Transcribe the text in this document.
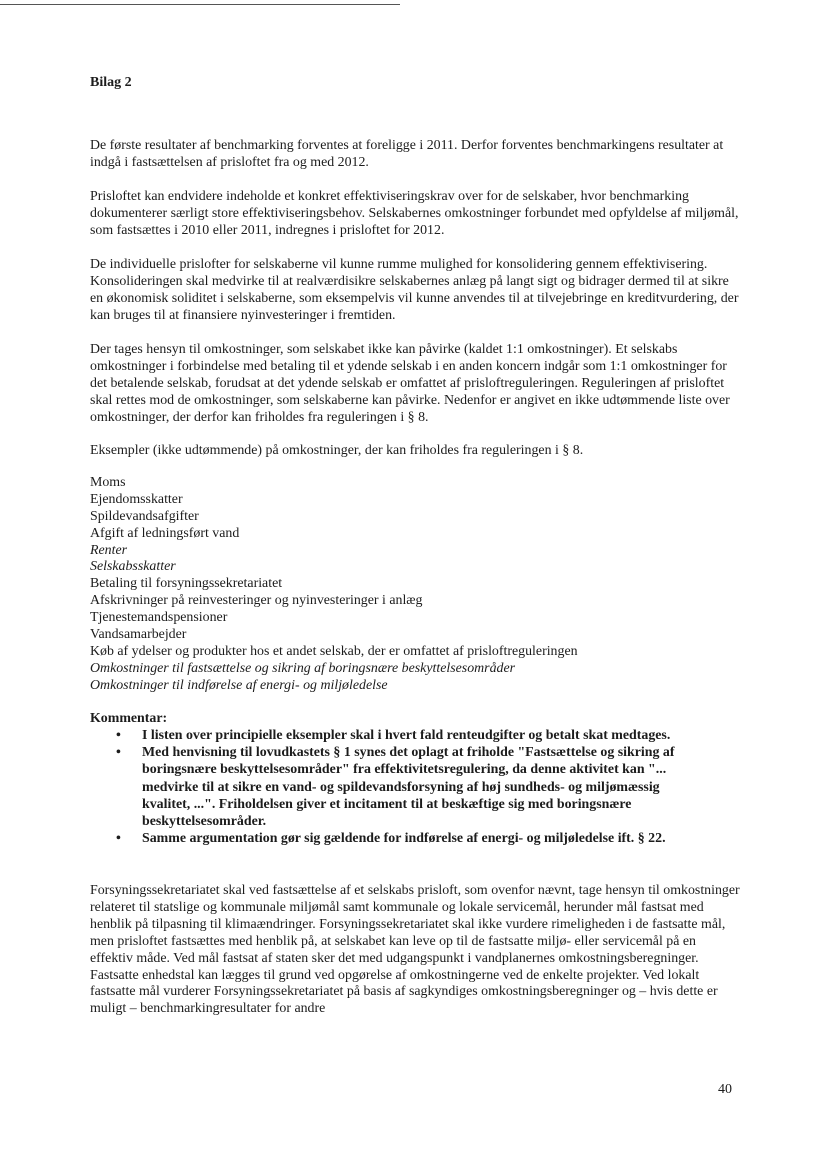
Bilag 2

De første resultater af benchmarking forventes at foreligge i 2011. Derfor forventes benchmarkingens resultater at indgå i fastsættelsen af prisloftet fra og med 2012.

Prisloftet kan endvidere indeholde et konkret effektiviseringskrav over for de selskaber, hvor benchmarking dokumenterer særligt store effektiviseringsbehov. Selskabernes omkostninger forbundet med opfyldelse af miljømål, som fastsættes i 2010 eller 2011, indregnes i prisloftet for 2012.

De individuelle prislofter for selskaberne vil kunne rumme mulighed for konsolidering gennem effektivisering. Konsolideringen skal medvirke til at realværdisikre selskabernes anlæg på langt sigt og bidrager dermed til at sikre en økonomisk soliditet i selskaberne, som eksempelvis vil kunne anvendes til at tilvejebringe en kreditvurdering, der kan bruges til at finansiere nyinvesteringer i fremtiden.

Der tages hensyn til omkostninger, som selskabet ikke kan påvirke (kaldet 1:1 omkostninger). Et selskabs omkostninger i forbindelse med betaling til et ydende selskab i en anden koncern indgår som 1:1 omkostninger for det betalende selskab, forudsat at det ydende selskab er omfattet af prisloftreguleringen. Reguleringen af prisloftet skal rettes mod de omkostninger, som selskaberne kan påvirke. Nedenfor er angivet en ikke udtømmende liste over omkostninger, der derfor kan friholdes fra reguleringen i § 8.

Eksempler (ikke udtømmende) på omkostninger, der kan friholdes fra reguleringen i § 8.

Moms
Ejendomsskatter
Spildevandsafgifter
Afgift af ledningsført vand
Renter
Selskabsskatter
Betaling til forsyningssekretariatet
Afskrivninger på reinvesteringer og nyinvesteringer i anlæg
Tjenestemandspensioner
Vandsamarbejder
Køb af ydelser og produkter hos et andet selskab, der er omfattet af prisloftreguleringen
Omkostninger til fastsættelse og sikring af boringsnære beskyttelsesområder
Omkostninger til indførelse af energi- og miljøledelse
Kommentar:
• I listen over principielle eksempler skal i hvert fald renteudgifter og betalt skat medtages.
• Med henvisning til lovudkastets § 1 synes det oplagt at friholde "Fastsættelse og sikring af boringsnære beskyttelsesområder" fra effektivitetsregulering, da denne aktivitet kan "... medvirke til at sikre en vand- og spildevandsforsyning af høj sundheds- og miljømæssig kvalitet, ...". Friholdelsen giver et incitament til at beskæftige sig med boringsnære beskyttelsesområder.
• Samme argumentation gør sig gældende for indførelse af energi- og miljøledelse ift. § 22.

Forsyningssekretariatet skal ved fastsættelse af et selskabs prisloft, som ovenfor nævnt, tage hensyn til omkostninger relateret til statslige og kommunale miljømål samt kommunale og lokale servicemål, herunder mål fastsat med henblik på tilpasning til klimaændringer. Forsyningssekretariatet skal ikke vurdere rimeligheden i de fastsatte mål, men prisloftet fastsættes med henblik på, at selskabet kan leve op til de fastsatte miljø- eller servicemål på en effektiv måde. Ved mål fastsat af staten sker det med udgangspunkt i vandplanernes omkostningsberegninger. Fastsatte enhedstal kan lægges til grund ved opgørelse af omkostningerne ved de enkelte projekter. Ved lokalt fastsatte mål vurderer Forsyningssekretariatet på basis af sagkyndiges omkostningsberegninger og – hvis dette er muligt – benchmarkingresultater for andre

40
